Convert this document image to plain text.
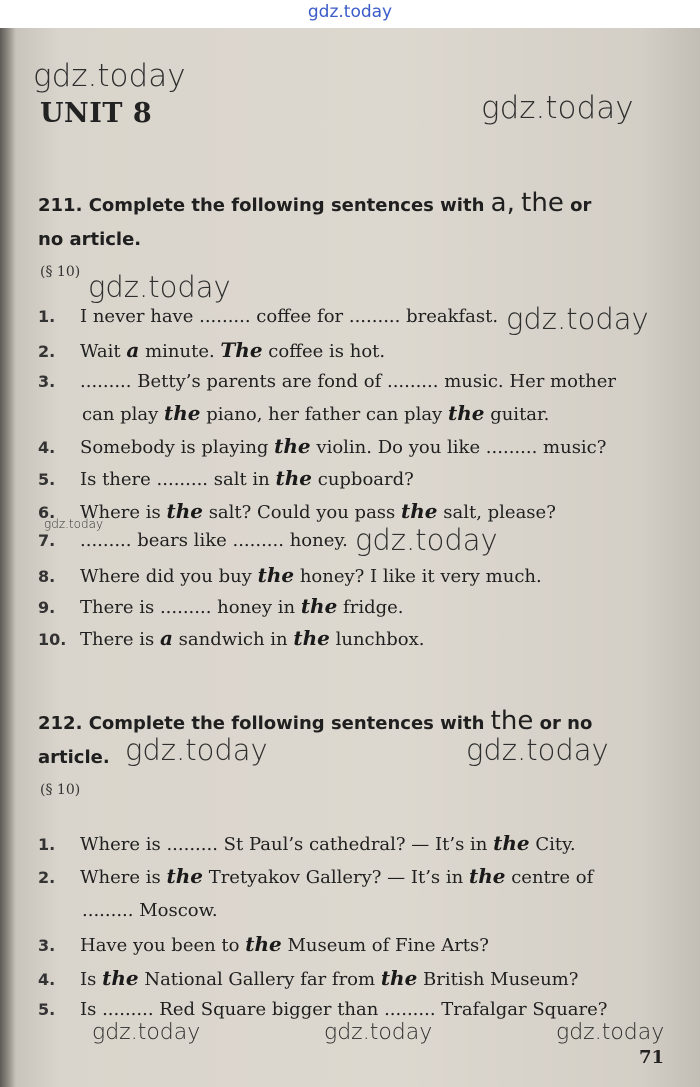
gdz.today
gdz.today
gdz.today
gdz.today
gdz.today
gdz.today	gdz.today
gdz.today	gdz.today
gdz.today	gdz.today	gdz.today
UNIT 8
211. Complete the following sentences with a, the or
no article.
(§ 10)
1. I never have ......... coffee for ......... breakfast.
2. Wait a minute. The coffee is hot.
3. ......... Betty’s parents are fond of ......... music. Her mother
can play the piano, her father can play the guitar.
4. Somebody is playing the violin. Do you like ......... music?
5. Is there ......... salt in the cupboard?
6. Where is the salt? Could you pass the salt, please?
7. ......... bears like ......... honey.
8. Where did you buy the honey? I like it very much.
9. There is ......... honey in the fridge.
10. There is a sandwich in the lunchbox.
212. Complete the following sentences with the or no
article.
(§ 10)
1. Where is ......... St Paul’s cathedral? — It’s in the City.
2. Where is the Tretyakov Gallery? — It’s in the centre of
......... Moscow.
3. Have you been to the Museum of Fine Arts?
4. Is the National Gallery far from the British Museum?
5. Is ......... Red Square bigger than ......... Trafalgar Square?
71
